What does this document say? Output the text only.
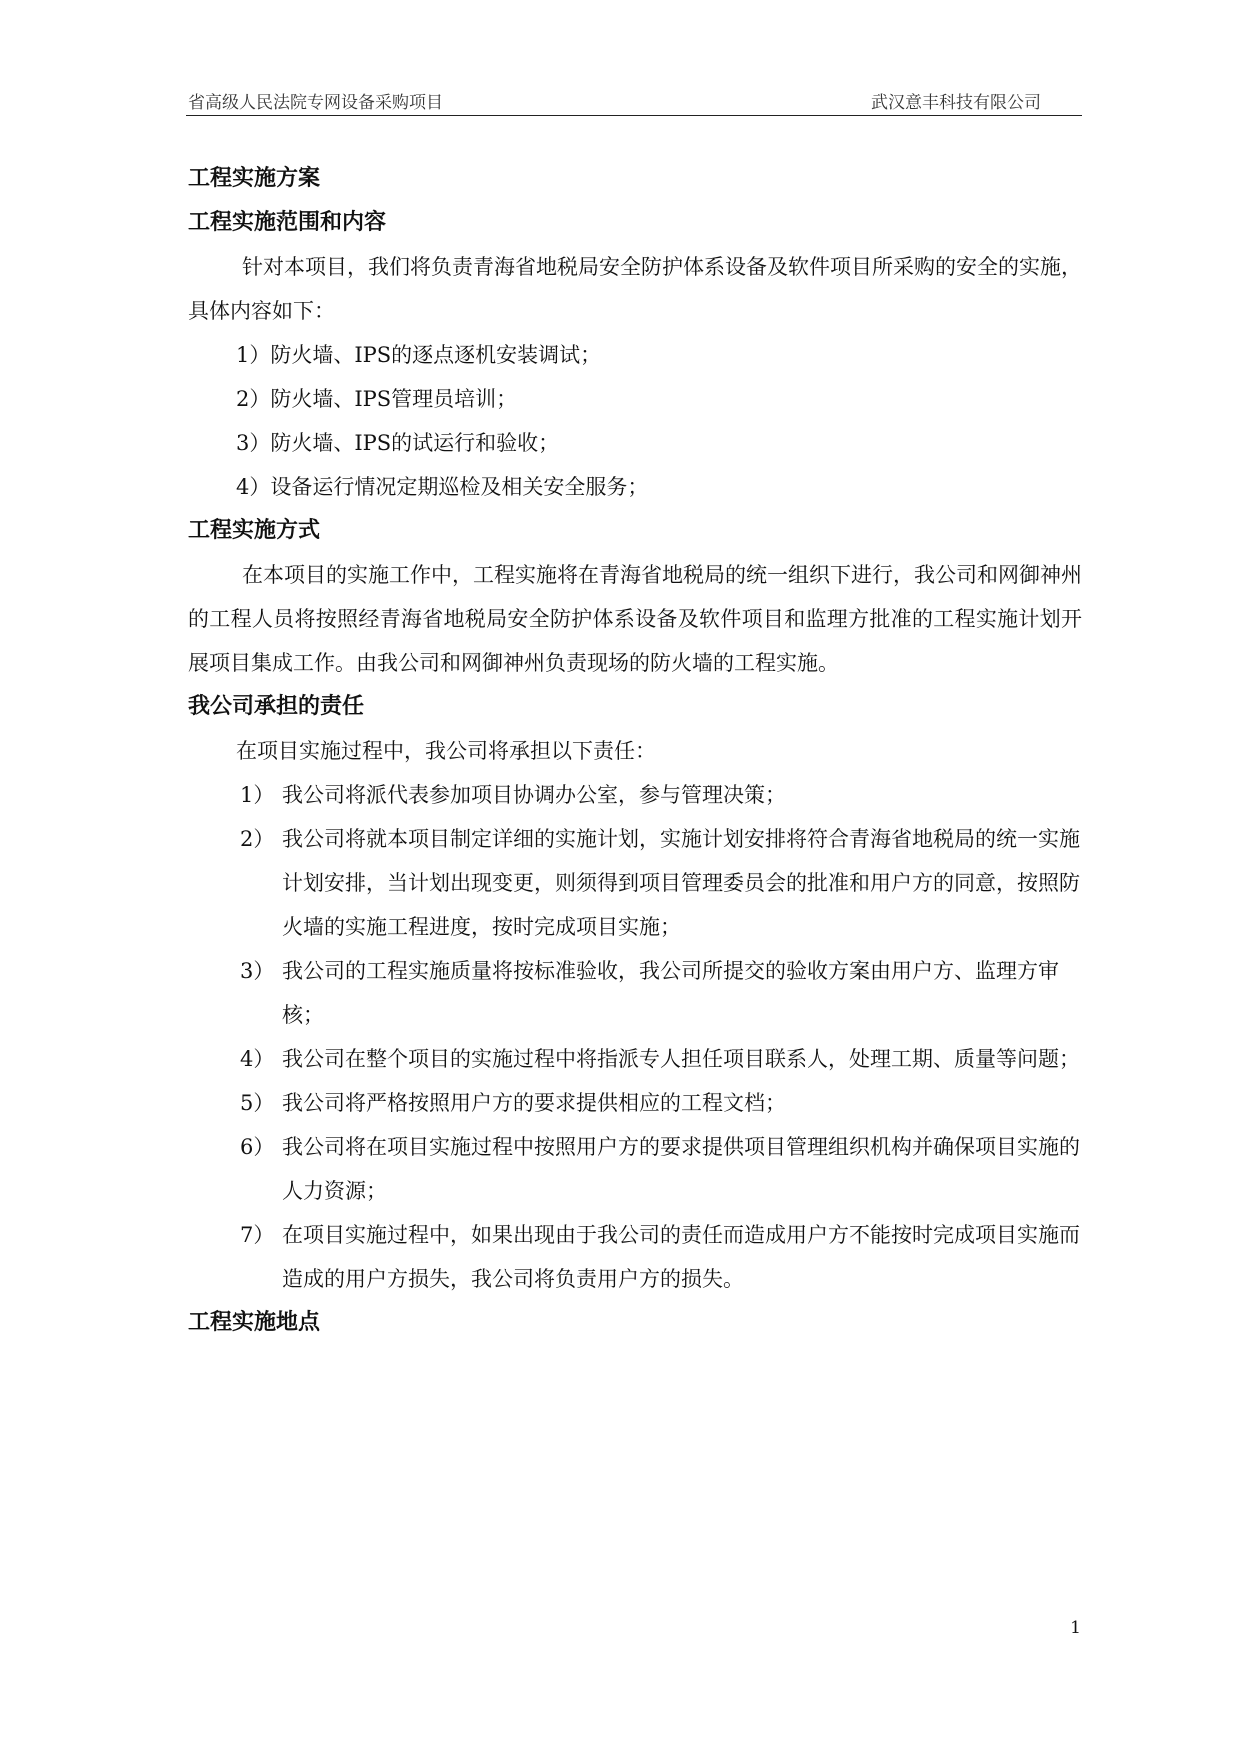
省高级人民法院专网设备采购项目	武汉意丰科技有限公司
工程实施方案
工程实施范围和内容
针对本项目，我们将负责青海省地税局安全防护体系设备及软件项目所采购的安全的实施，具体内容如下：
1）防火墙、IPS的逐点逐机安装调试；
2）防火墙、IPS管理员培训；
3）防火墙、IPS的试运行和验收；
4）设备运行情况定期巡检及相关安全服务；
工程实施方式
在本项目的实施工作中，工程实施将在青海省地税局的统一组织下进行，我公司和网御神州的工程人员将按照经青海省地税局安全防护体系设备及软件项目和监理方批准的工程实施计划开展项目集成工作。由我公司和网御神州负责现场的防火墙的工程实施。
我公司承担的责任
在项目实施过程中，我公司将承担以下责任：
1） 我公司将派代表参加项目协调办公室，参与管理决策；
2） 我公司将就本项目制定详细的实施计划，实施计划安排将符合青海省地税局的统一实施计划安排，当计划出现变更，则须得到项目管理委员会的批准和用户方的同意，按照防火墙的实施工程进度，按时完成项目实施；
3） 我公司的工程实施质量将按标准验收，我公司所提交的验收方案由用户方、监理方审核；
4） 我公司在整个项目的实施过程中将指派专人担任项目联系人，处理工期、质量等问题；
5） 我公司将严格按照用户方的要求提供相应的工程文档；
6） 我公司将在项目实施过程中按照用户方的要求提供项目管理组织机构并确保项目实施的人力资源；
7） 在项目实施过程中，如果出现由于我公司的责任而造成用户方不能按时完成项目实施而造成的用户方损失，我公司将负责用户方的损失。
工程实施地点
1
